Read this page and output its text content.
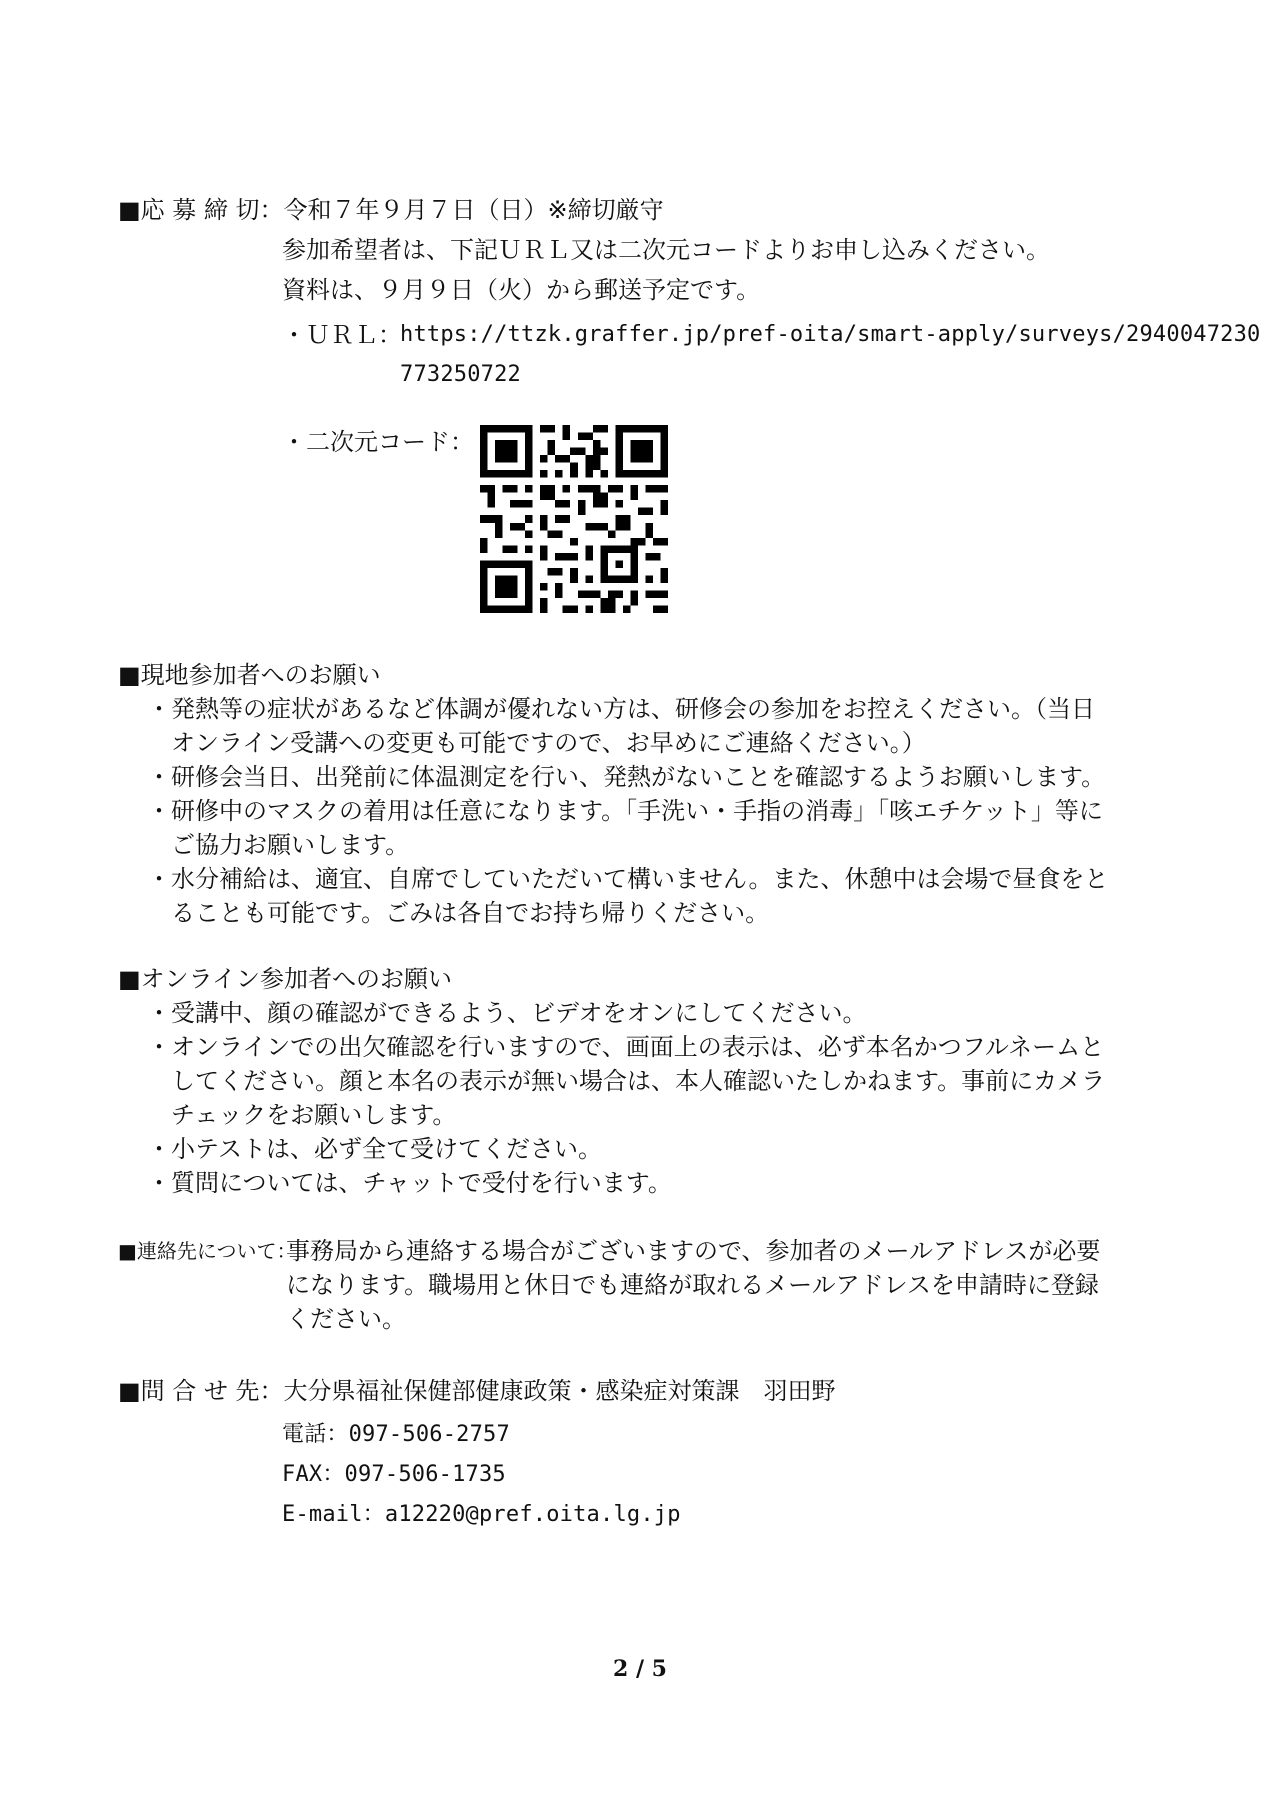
■応 募 締 切：令和７年９月７日（日）※締切厳守
参加希望者は、下記ＵＲＬ又は二次元コードよりお申し込みください。
資料は、９月９日（火）から郵送予定です。
・ＵＲＬ：
https://ttzk.graffer.jp/pref-oita/smart-apply/surveys/2940047230
773250722
・二次元コード：
■現地参加者へのお願い
・発熱等の症状があるなど体調が優れない方は、研修会の参加をお控えください。（当日
　オンライン受講への変更も可能ですので、お早めにご連絡ください。）
・研修会当日、出発前に体温測定を行い、発熱がないことを確認するようお願いします。
・研修中のマスクの着用は任意になります。「手洗い・手指の消毒」「咳エチケット」等に
　ご協力お願いします。
・水分補給は、適宜、自席でしていただいて構いません。また、休憩中は会場で昼食をと
　ることも可能です。ごみは各自でお持ち帰りください。
■オンライン参加者へのお願い
・受講中、顔の確認ができるよう、ビデオをオンにしてください。
・オンラインでの出欠確認を行いますので、画面上の表示は、必ず本名かつフルネームと
　してください。顔と本名の表示が無い場合は、本人確認いたしかねます。事前にカメラ
　チェックをお願いします。
・小テストは、必ず全て受けてください。
・質問については、チャットで受付を行います。
■連絡先について：
事務局から連絡する場合がございますので、参加者のメールアドレスが必要
になります。職場用と休日でも連絡が取れるメールアドレスを申請時に登録
ください。
■問 合 せ 先：大分県福祉保健部健康政策・感染症対策課　羽田野
電話：097-506-2757
FAX：097-506-1735
E-mail：a12220@pref.oita.lg.jp
2 / 5
